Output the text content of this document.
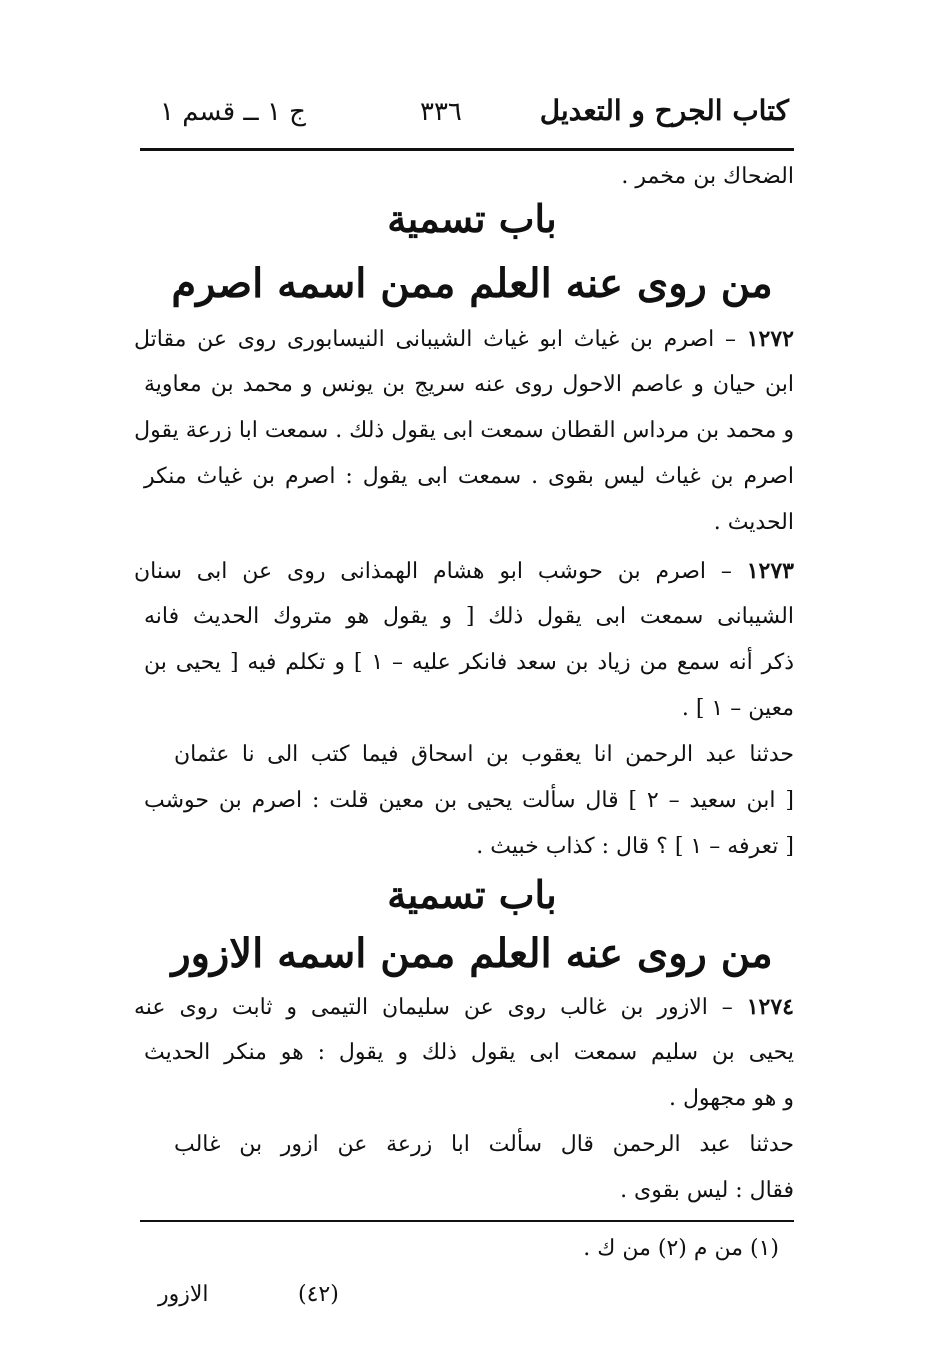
كتاب الجرح و التعديل
٣٣٦
ج ١ ــ قسم ١
الضحاك بن مخمر .
باب تسمية
من روى عنه العلم ممن اسمه اصرم
١٢٧٢ – اصرم بن غياث ابو غياث الشيبانى النيسابورى روى عن مقاتل
ابن حيان و عاصم الاحول روى عنه سريج بن يونس و محمد بن معاوية
و محمد بن مرداس القطان سمعت ابى يقول ذلك . سمعت ابا زرعة يقول
اصرم بن غياث ليس بقوى . سمعت ابى يقول : اصرم بن غياث منكر
الحديث .
١٢٧٣ – اصرم بن حوشب ابو هشام الهمذانى روى عن ابى سنان
الشيبانى سمعت ابى يقول ذلك [ و يقول هو متروك الحديث فانه
ذكر أنه سمع من زياد بن سعد فانكر عليه – ١ ] و تكلم فيه [ يحيى بن
معين – ١ ] .
حدثنا عبد الرحمن انا يعقوب بن اسحاق فيما كتب الى نا عثمان
[ ابن سعيد – ٢ ] قال سألت يحيى بن معين قلت : اصرم بن حوشب
[ تعرفه – ١ ] ؟ قال : كذاب خبيث .
باب تسمية
من روى عنه العلم ممن اسمه الازور
١٢٧٤ – الازور بن غالب روى عن سليمان التيمى و ثابت روى عنه
يحيى بن سليم سمعت ابى يقول ذلك و يقول : هو منكر الحديث
و هو مجهول .
حدثنا عبد الرحمن قال سألت ابا زرعة عن ازور بن غالب
فقال : ليس بقوى .
(١) من م (٢) من ك .
(٤٢)
الازور
